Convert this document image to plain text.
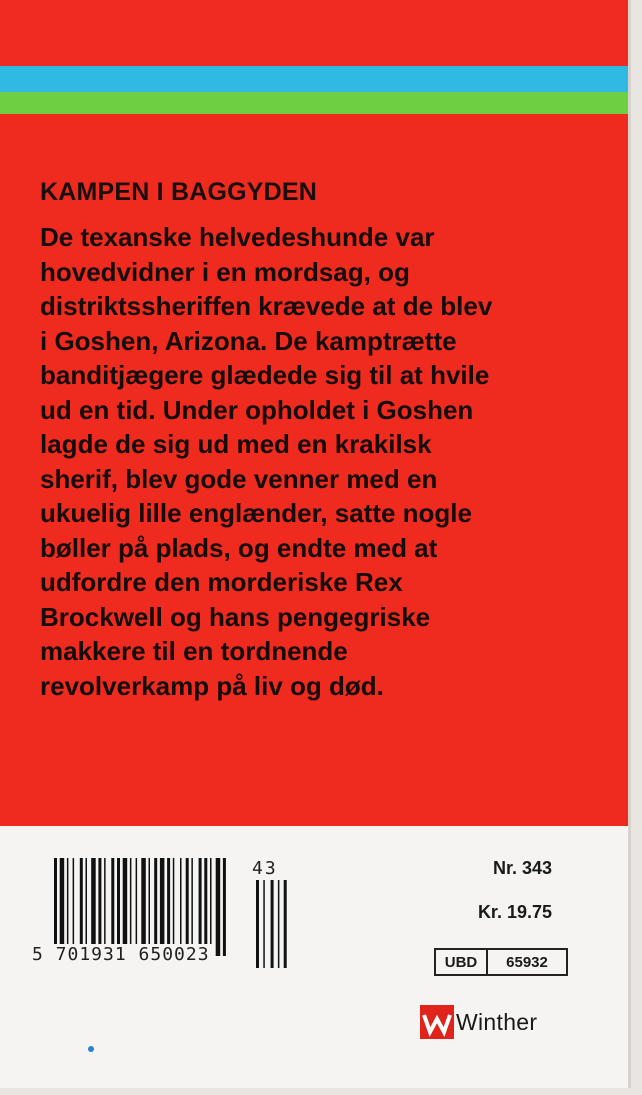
KAMPEN I BAGGYDEN
De texanske helvedeshunde var
hovedvidner i en mordsag, og
distriktssheriffen krævede at de blev
i Goshen, Arizona. De kamptrætte
banditjægere glædede sig til at hvile
ud en tid. Under opholdet i Goshen
lagde de sig ud med en krakilsk
sherif, blev gode venner med en
ukuelig lille englænder, satte nogle
bøller på plads, og endte med at
udfordre den morderiske Rex
Brockwell og hans pengegriske
makkere til en tordnende
revolverkamp på liv og død.
5 701931 650023
43	Nr. 343
Kr. 19.75
UBD	65932
Winther
